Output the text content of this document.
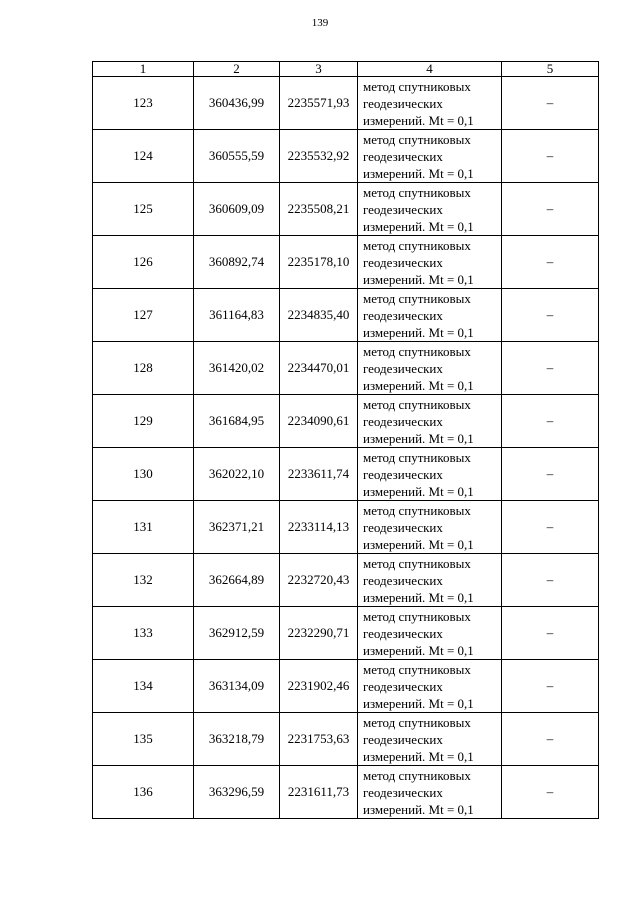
139
1	2	3	4	5
123	360436,99	2235571,93	метод спутниковых
геодезических
измерений. Mt = 0,1	–
124	360555,59	2235532,92	метод спутниковых
геодезических
измерений. Mt = 0,1	–
125	360609,09	2235508,21	метод спутниковых
геодезических
измерений. Mt = 0,1	–
126	360892,74	2235178,10	метод спутниковых
геодезических
измерений. Mt = 0,1	–
127	361164,83	2234835,40	метод спутниковых
геодезических
измерений. Mt = 0,1	–
128	361420,02	2234470,01	метод спутниковых
геодезических
измерений. Mt = 0,1	–
129	361684,95	2234090,61	метод спутниковых
геодезических
измерений. Mt = 0,1	–
130	362022,10	2233611,74	метод спутниковых
геодезических
измерений. Mt = 0,1	–
131	362371,21	2233114,13	метод спутниковых
геодезических
измерений. Mt = 0,1	–
132	362664,89	2232720,43	метод спутниковых
геодезических
измерений. Mt = 0,1	–
133	362912,59	2232290,71	метод спутниковых
геодезических
измерений. Mt = 0,1	–
134	363134,09	2231902,46	метод спутниковых
геодезических
измерений. Mt = 0,1	–
135	363218,79	2231753,63	метод спутниковых
геодезических
измерений. Mt = 0,1	–
136	363296,59	2231611,73	метод спутниковых
геодезических
измерений. Mt = 0,1	–
